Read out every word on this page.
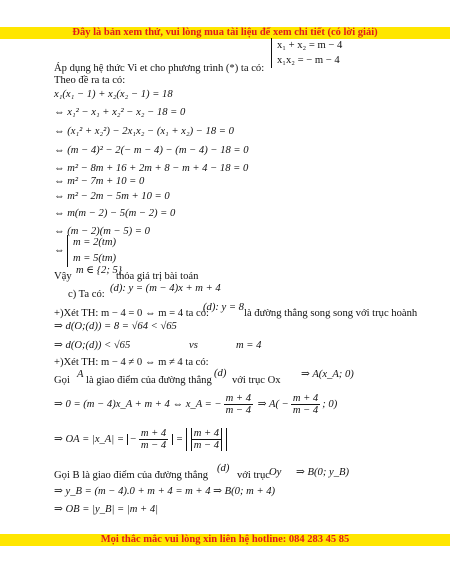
Đây là bản xem thử, vui lòng mua tài liệu để xem chi tiết (có lời giải)
x₁ + x₂ = m − 4
x₁x₂ = − m − 4
Áp dụng hệ thức Vi et cho phương trình (*) ta có:
Theo đề ra ta có:
x₁(x₁ − 1) + x₂(x₂ − 1) = 18
⇔ x₁² − x₁ + x₂² − x₂ − 18 = 0
⇔ (x₁² + x₂²) − 2x₁x₂ − (x₁ + x₂) − 18 = 0
⇔ (m − 4)² − 2(− m − 4) − (m − 4) − 18 = 0
⇔ m² − 8m + 16 + 2m + 8 − m + 4 − 18 = 0
⇔ m² − 7m + 10 = 0
⇔ m² − 2m − 5m + 10 = 0
⇔ m(m − 2) − 5(m − 2) = 0
⇔ (m − 2)(m − 5) = 0
⇔
m = 2(tm)
m = 5(tm)
Vậy
m ∈ {2; 5}
thỏa giá trị bài toán
c) Ta có:
(d): y = (m − 4)x + m + 4
+)Xét TH: m − 4 = 0 ⇔ m = 4 ta có:
(d): y = 8
là đường thẳng song song với trục hoành
⇒ d(O;(d)) = 8 = √64 < √65
⇒ d(O;(d)) < √65	vs	m = 4
+)Xét TH: m − 4 ≠ 0 ⇔ m ≠ 4 ta có:
Gọi
A
là giao điểm của đường thẳng
(d)
với trục Ox
⇒ A(x_A; 0)
⇒ 0 = (m − 4)x_A + m + 4 ⇔ x_A = − $\frac{m + 4}{m - 4}$ ⇒ $A( - \frac{m + 4}{m - 4}$ ; 0)
⇒ OA = |x_A| = − $\frac{m + 4}{m - 4} = \frac{m + 4}{m - 4}$
Gọi B là giao điểm của đường thẳng
(d)
với trục Oy ⇒ B(0; y_B)
⇒ y_B = (m − 4).0 + m + 4 = m + 4 ⇒ B(0; m + 4)
⇒ OB = |y_B| = |m + 4|
Mọi thắc mắc vui lòng xin liên hệ hotline: 084 283 45 85
